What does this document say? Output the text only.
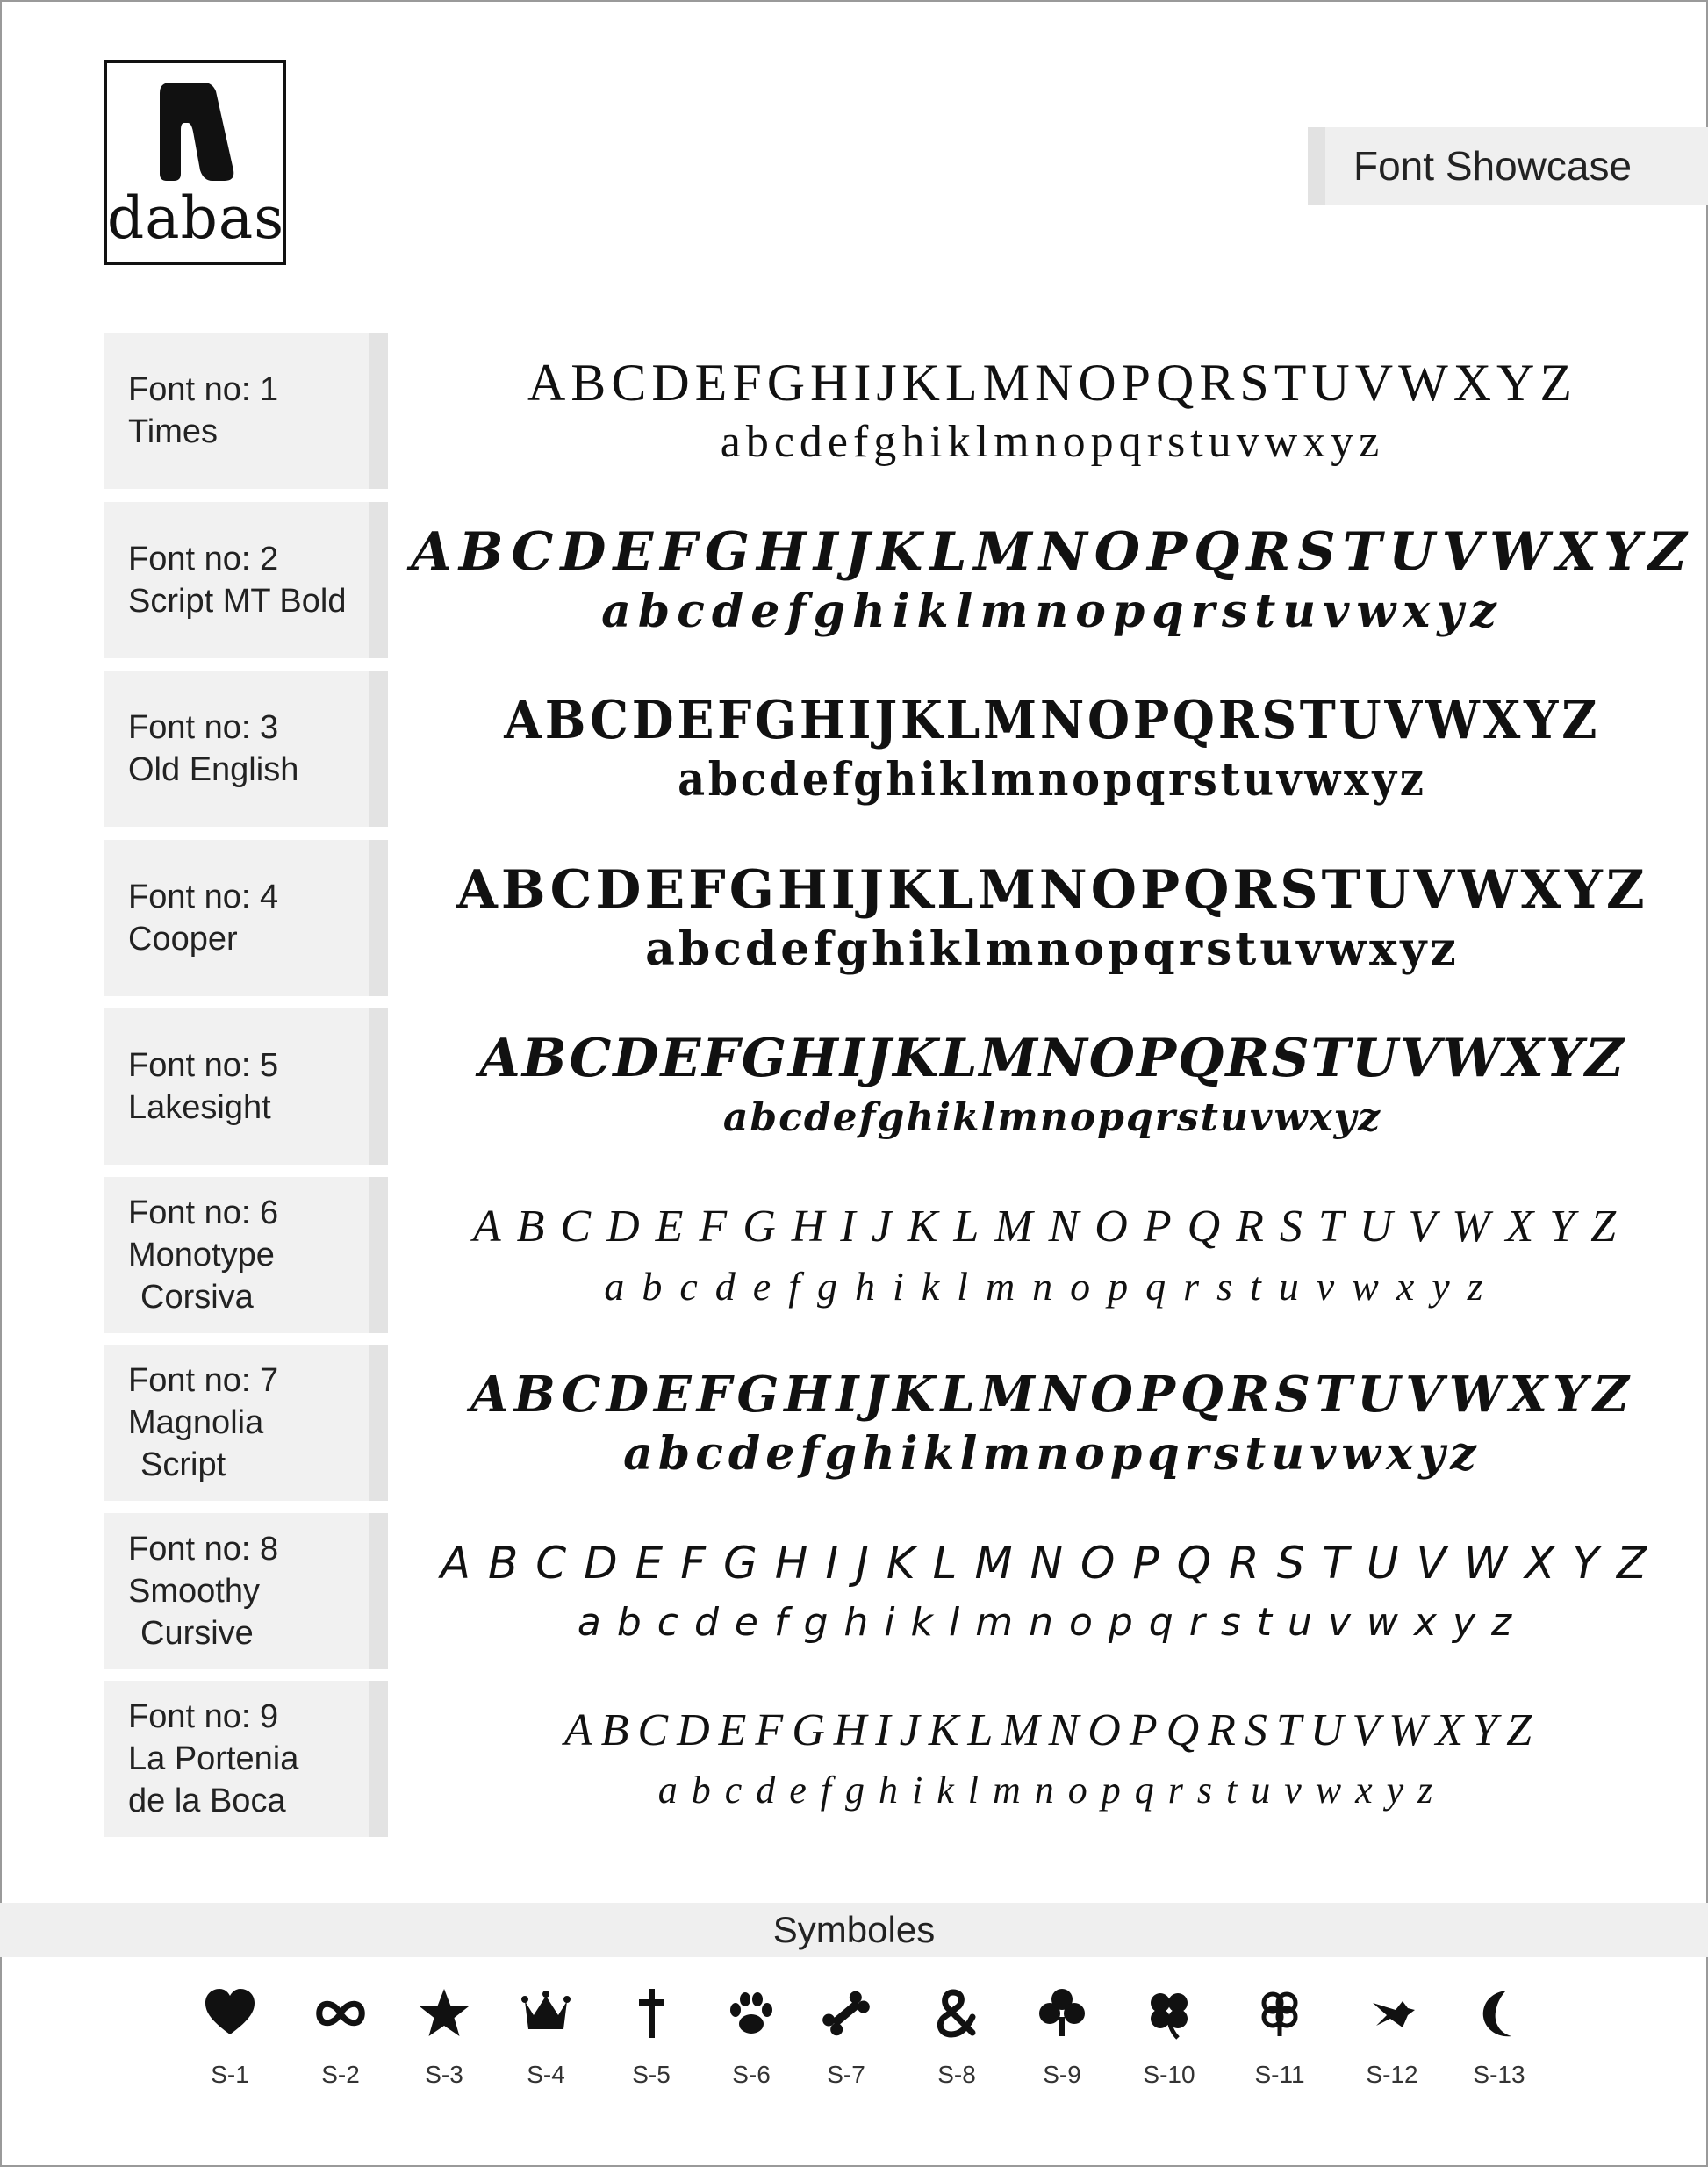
dabas
Font Showcase
Font no: 1
Times
ABCDEFGHIJKLMNOPQRSTUVWXYZ
abcdefghiklmnopqrstuvwxyz
Font no: 2
Script MT Bold
ABCDEFGHIJKLMNOPQRSTUVWXYZ
abcdefghiklmnopqrstuvwxyz
Font no: 3
Old English
ABCDEFGHIJKLMNOPQRSTUVWXYZ
abcdefghiklmnopqrstuvwxyz
Font no: 4
Cooper
ABCDEFGHIJKLMNOPQRSTUVWXYZ
abcdefghiklmnopqrstuvwxyz
Font no: 5
Lakesight
ABCDEFGHIJKLMNOPQRSTUVWXYZ
abcdefghiklmnopqrstuvwxyz
Font no: 6
Monotype
Corsiva
ABCDEFGHIJKLMNOPQRSTUVWXYZ
abcdefghiklmnopqrstuvwxyz
Font no: 7
Magnolia
Script
ABCDEFGHIJKLMNOPQRSTUVWXYZ
abcdefghiklmnopqrstuvwxyz
Font no: 8
Smoothy
Cursive
ABCDEFGHIJKLMNOPQRSTUVWXYZ
abcdefghiklmnopqrstuvwxyz
Font no: 9
La Portenia
de la Boca
ABCDEFGHIJKLMNOPQRSTUVWXYZ
abcdefghiklmnopqrstuvwxyz
Symboles
S-1	S-2	S-3	S-4	S-5	S-6	S-7	S-8	S-9	S-10	S-11	S-12	S-13
